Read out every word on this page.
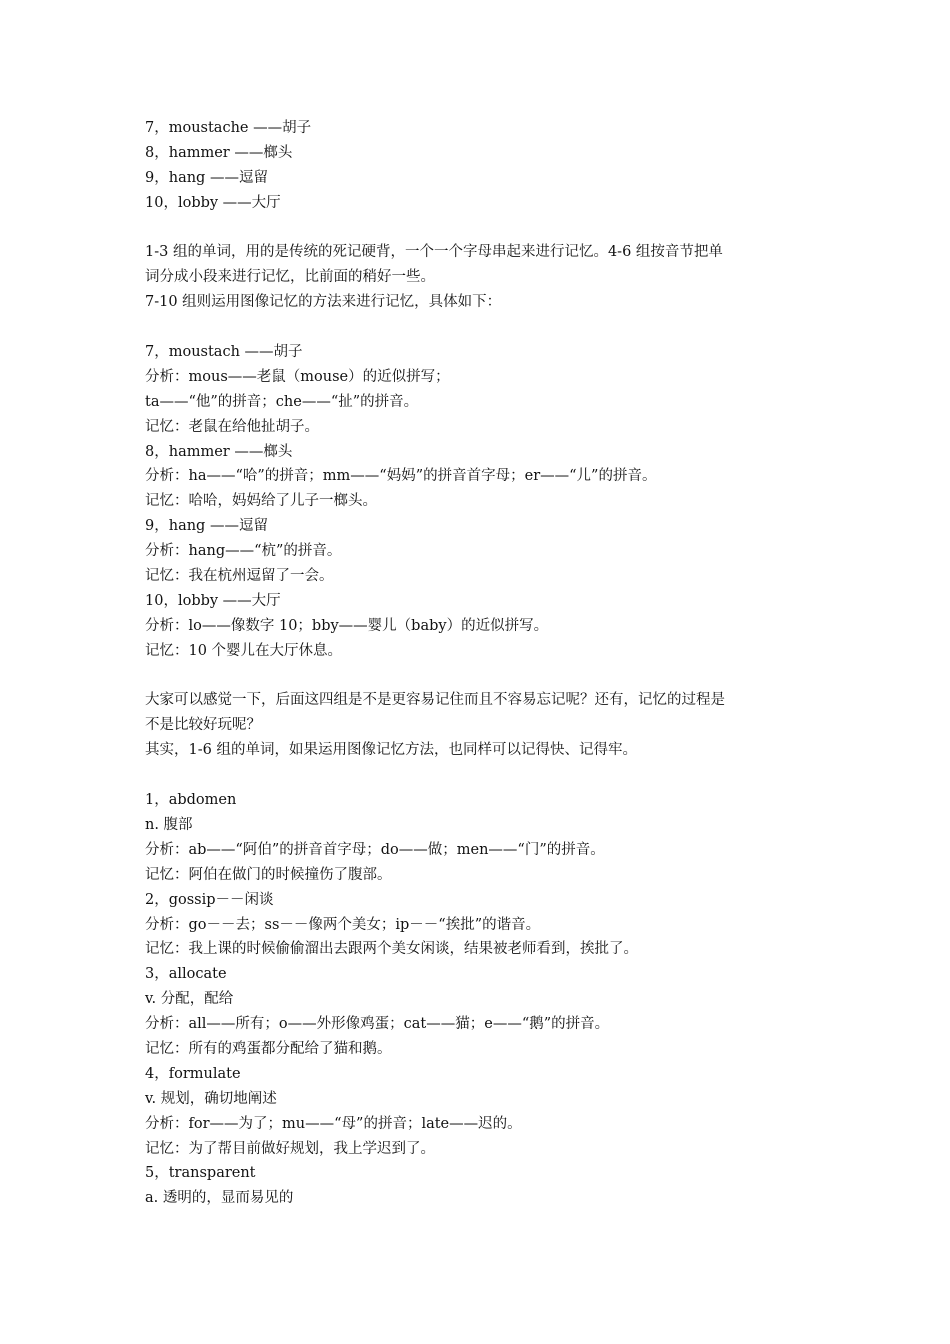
7，moustache ——胡子
8，hammer ——榔头
9，hang ——逗留
10，lobby ——大厅
1-3 组的单词，用的是传统的死记硬背，一个一个字母串起来进行记忆。4-6 组按音节把单
词分成小段来进行记忆，比前面的稍好一些。
7-10 组则运用图像记忆的方法来进行记忆，具体如下：
7，moustach ——胡子
分析：mous——老鼠（mouse）的近似拼写；
ta——“他”的拼音；che——“扯”的拼音。
记忆：老鼠在给他扯胡子。
8，hammer ——榔头
分析：ha——“哈”的拼音；mm——“妈妈”的拼音首字母；er——“儿”的拼音。
记忆：哈哈，妈妈给了儿子一榔头。
9，hang ——逗留
分析：hang——“杭”的拼音。
记忆：我在杭州逗留了一会。
10，lobby ——大厅
分析：lo——像数字 10；bby——婴儿（baby）的近似拼写。
记忆：10 个婴儿在大厅休息。
大家可以感觉一下，后面这四组是不是更容易记住而且不容易忘记呢？还有，记忆的过程是
不是比较好玩呢？
其实，1-6 组的单词，如果运用图像记忆方法，也同样可以记得快、记得牢。
1，abdomen
n. 腹部
分析：ab——“阿伯”的拼音首字母；do——做；men——“门”的拼音。
记忆：阿伯在做门的时候撞伤了腹部。
2，gossip－－闲谈
分析：go－－去；ss－－像两个美女；ip－－“挨批”的谐音。
记忆：我上课的时候偷偷溜出去跟两个美女闲谈，结果被老师看到，挨批了。
3，allocate
v. 分配，配给
分析：all——所有；o——外形像鸡蛋；cat——猫；e——“鹅”的拼音。
记忆：所有的鸡蛋都分配给了猫和鹅。
4，formulate
v. 规划，确切地阐述
分析：for——为了；mu——“母”的拼音；late——迟的。
记忆：为了帮目前做好规划，我上学迟到了。
5，transparent
a. 透明的，显而易见的
